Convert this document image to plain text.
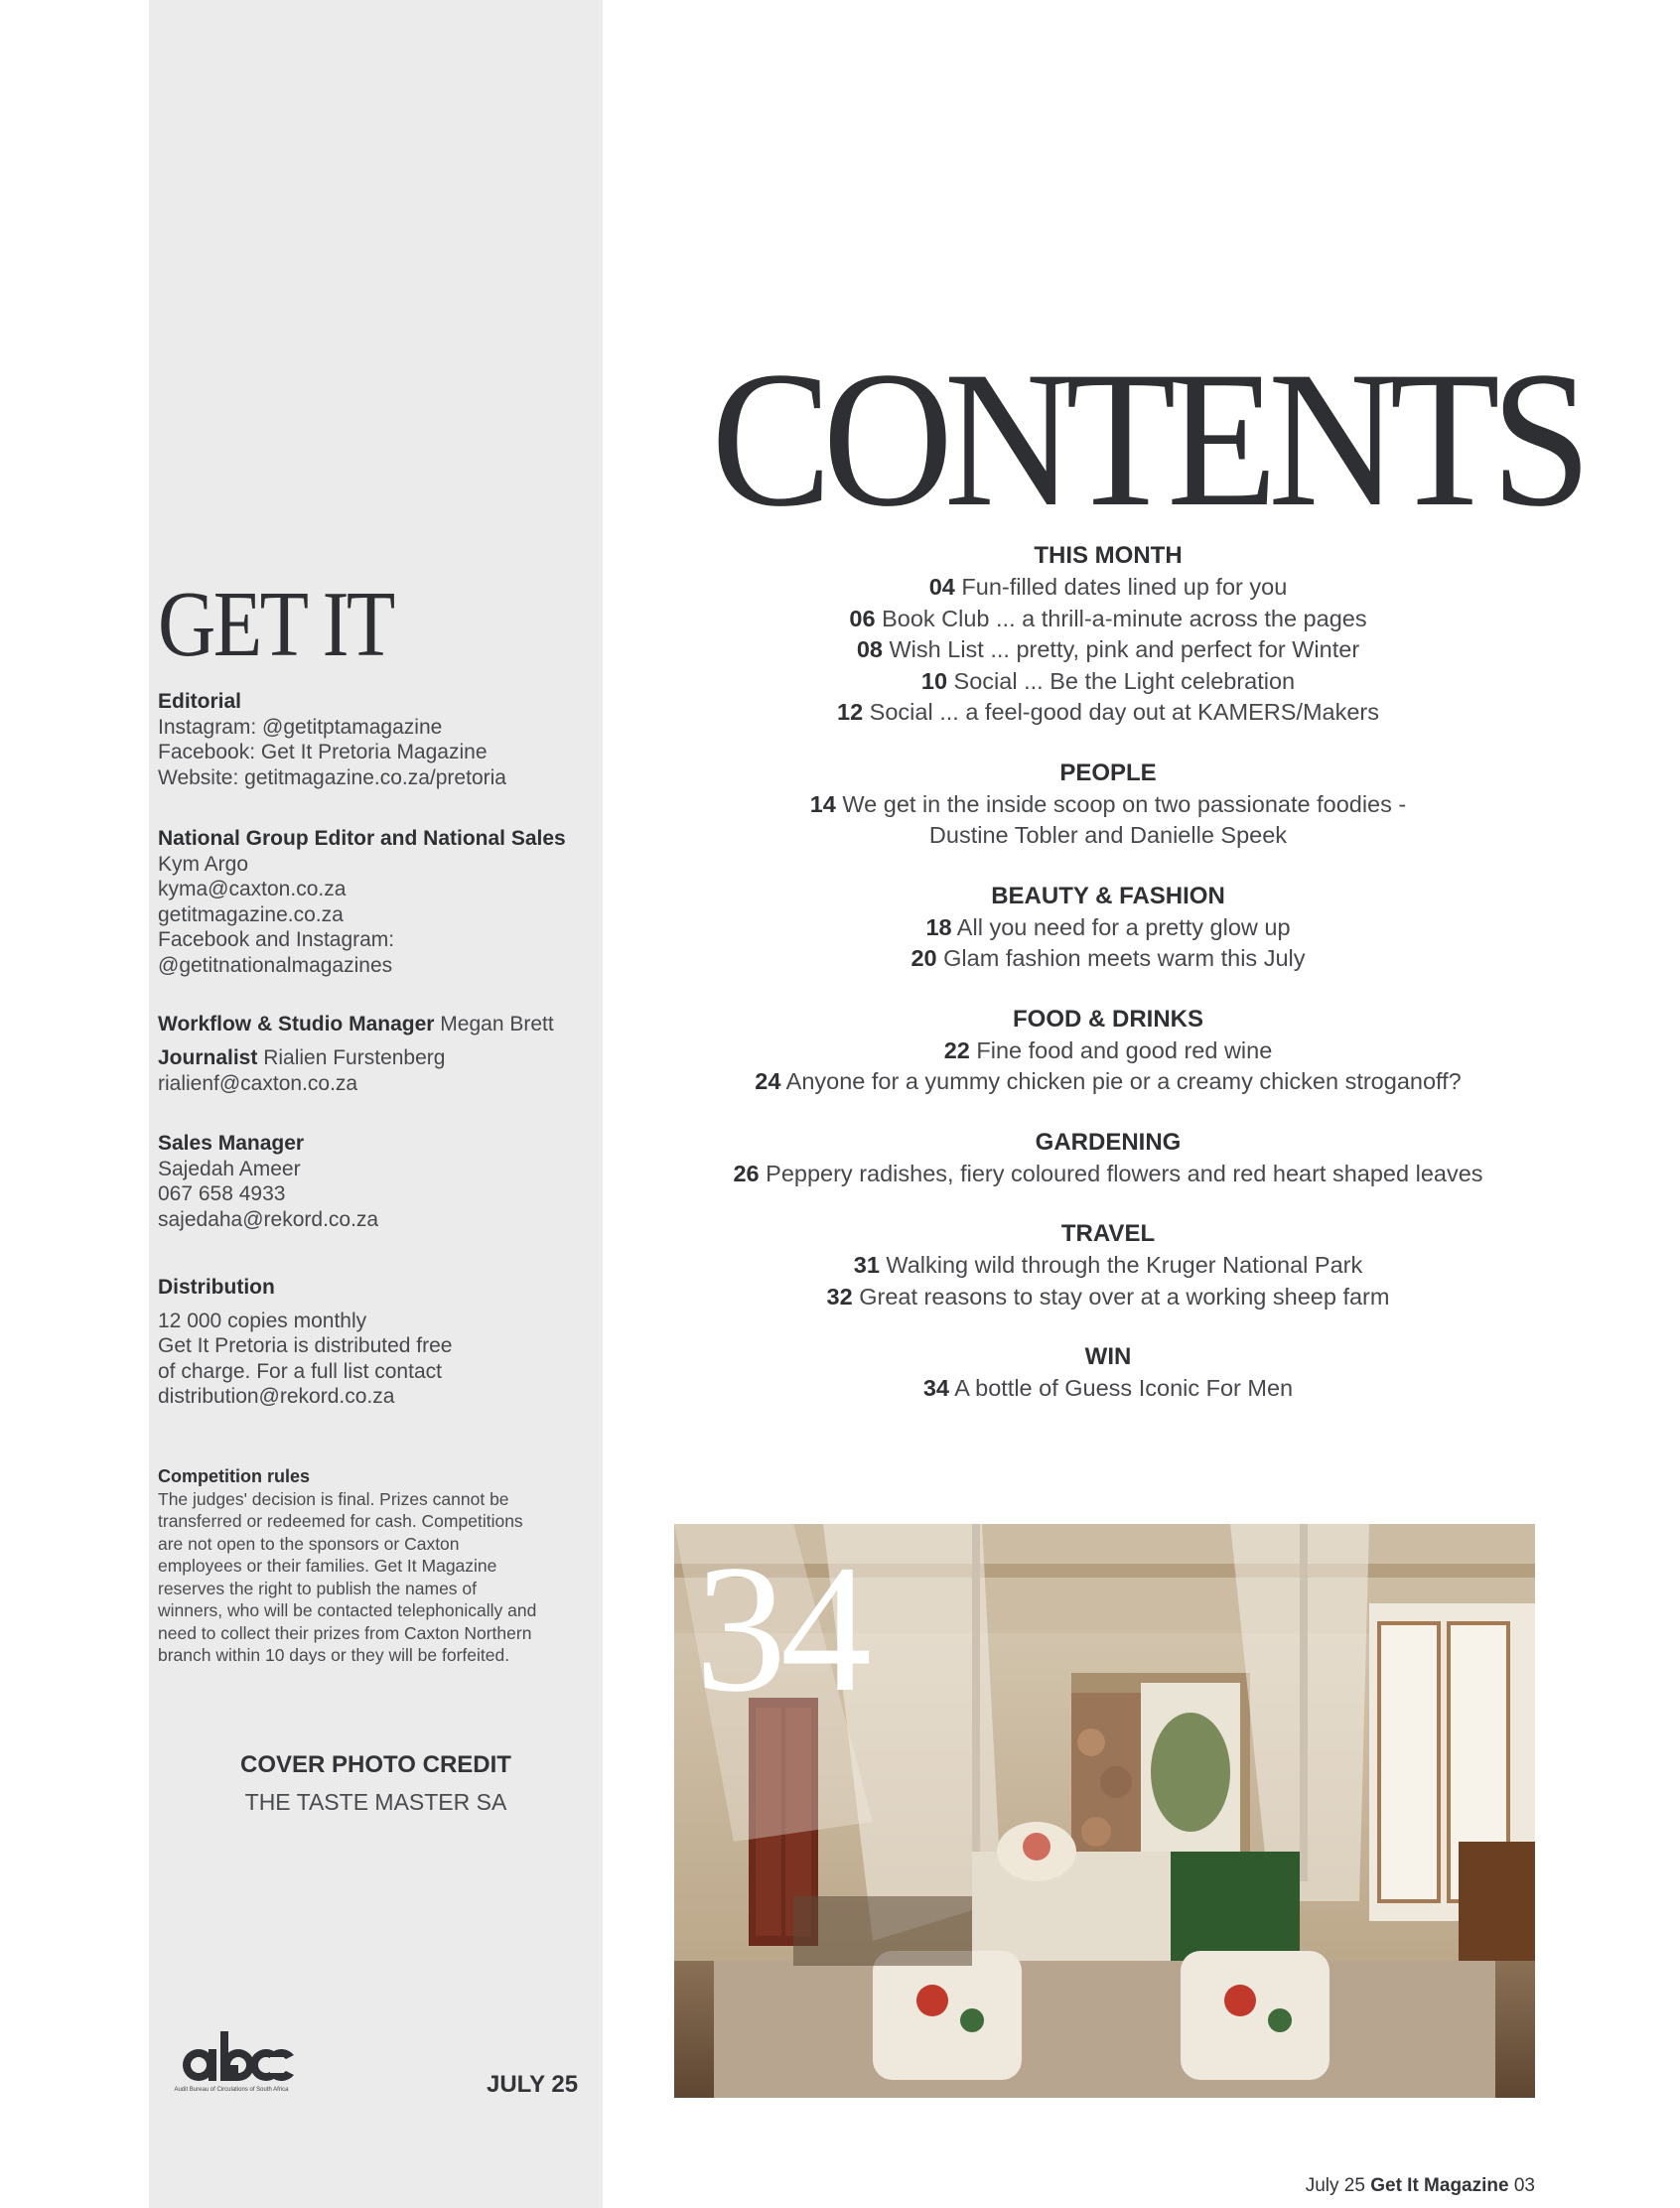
GET IT
Editorial
Instagram: @getitptamagazine
Facebook: Get It Pretoria Magazine
Website: getitmagazine.co.za/pretoria
National Group Editor and National Sales
Kym Argo
kyma@caxton.co.za
getitmagazine.co.za
Facebook and Instagram:
@getitnationalmagazines
Workflow & Studio Manager Megan Brett
Journalist Rialien Furstenberg
rialienf@caxton.co.za
Sales Manager
Sajedah Ameer
067 658 4933
sajedaha@rekord.co.za
Distribution
12 000 copies monthly
Get It Pretoria is distributed free
of charge. For a full list contact
distribution@rekord.co.za
Competition rules
The judges' decision is final. Prizes cannot be
transferred or redeemed for cash. Competitions
are not open to the sponsors or Caxton
employees or their families. Get It Magazine
reserves the right to publish the names of
winners, who will be contacted telephonically and
need to collect their prizes from Caxton Northern
branch within 10 days or they will be forfeited.
COVER PHOTO CREDIT
THE TASTE MASTER SA
Audit Bureau of Circulations of South Africa	JULY 25
CONTENTS
THIS MONTH
04 Fun-filled dates lined up for you
06 Book Club ... a thrill-a-minute across the pages
08 Wish List ... pretty, pink and perfect for Winter
10 Social ... Be the Light celebration
12 Social ... a feel-good day out at KAMERS/Makers
PEOPLE
14 We get in the inside scoop on two passionate foodies -
Dustine Tobler and Danielle Speek
BEAUTY & FASHION
18 All you need for a pretty glow up
20 Glam fashion meets warm this July
FOOD & DRINKS
22 Fine food and good red wine
24 Anyone for a yummy chicken pie or a creamy chicken stroganoff?
GARDENING
26 Peppery radishes, fiery coloured flowers and red heart shaped leaves
TRAVEL
31 Walking wild through the Kruger National Park
32 Great reasons to stay over at a working sheep farm
WIN
34 A bottle of Guess Iconic For Men
34
July 25 Get It Magazine 03
